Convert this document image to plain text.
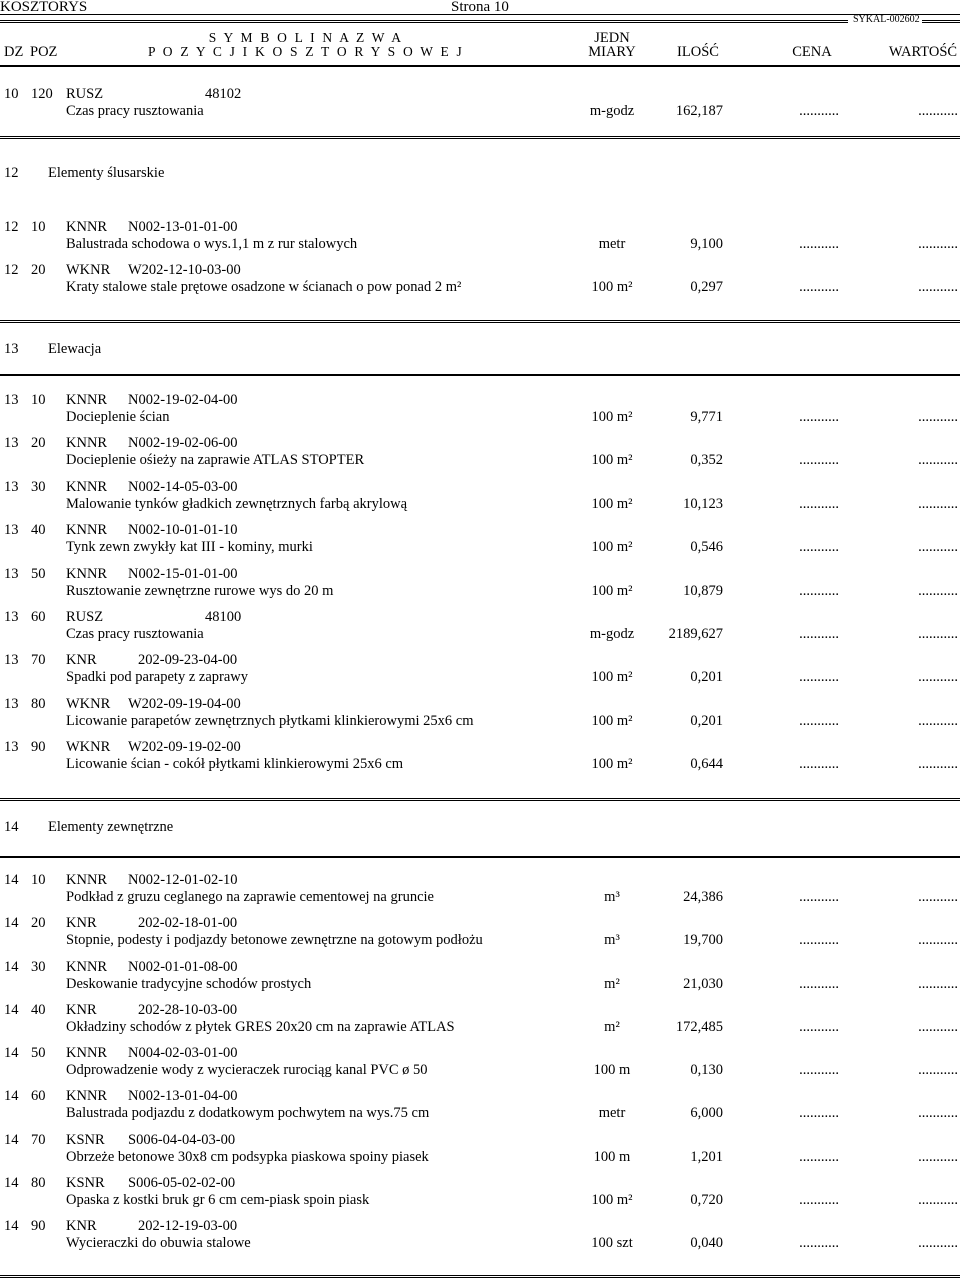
KOSZTORYS	Strona 10
SYKAL-002602
S Y M B O L I N A Z W A	JEDN
DZ POZ	P O Z Y C J I K O S Z T O R Y S O W E J	MIARY	ILOŚĆ	CENA	WARTOŚĆ
10 120 RUSZ	48102
Czas pracy rusztowania	m-godz	162,187	...........	...........
12 Elementy ślusarskie
12 10 KNNR N002-13-01-01-00
Balustrada schodowa o wys.1,1 m z rur stalowych	metr	9,100	...........	...........
12 20 WKNR W202-12-10-03-00
Kraty stalowe stale prętowe osadzone w ścianach o pow ponad 2 m²	100 m²	0,297	...........	...........
13 Elewacja
13 10 KNNR N002-19-02-04-00
Docieplenie ścian	100 m²	9,771	...........	...........
13 20 KNNR N002-19-02-06-00
Docieplenie ośieży na zaprawie ATLAS STOPTER	100 m²	0,352	...........	...........
13 30 KNNR N002-14-05-03-00
Malowanie tynków gładkich zewnętrznych farbą akrylową	100 m²	10,123	...........	...........
13 40 KNNR N002-10-01-01-10
Tynk zewn zwykły kat III - kominy, murki	100 m²	0,546	...........	...........
13 50 KNNR N002-15-01-01-00
Rusztowanie zewnętrzne rurowe wys do 20 m	100 m²	10,879	...........	...........
13 60 RUSZ	48100
Czas pracy rusztowania	m-godz 2189,627	...........	...........
13 70 KNR	202-09-23-04-00
Spadki pod parapety z zaprawy	100 m²	0,201	...........	...........
13 80 WKNR W202-09-19-04-00
Licowanie parapetów zewnętrznych płytkami klinkierowymi 25x6 cm	100 m²	0,201	...........	...........
13 90 WKNR W202-09-19-02-00
Licowanie ścian - cokół płytkami klinkierowymi 25x6 cm	100 m²	0,644	...........	...........
14 Elementy zewnętrzne
14 10 KNNR N002-12-01-02-10
Podkład z gruzu ceglanego na zaprawie cementowej na gruncie	m³	24,386	...........	...........
14 20 KNR	202-02-18-01-00
Stopnie, podesty i podjazdy betonowe zewnętrzne na gotowym podłożu	m³	19,700	...........	...........
14 30 KNNR N002-01-01-08-00
Deskowanie tradycyjne schodów prostych	m²	21,030	...........	...........
14 40 KNR	202-28-10-03-00
Okładziny schodów z płytek GRES 20x20 cm na zaprawie ATLAS	m²	172,485	...........	...........
14 50 KNNR N004-02-03-01-00
Odprowadzenie wody z wycieraczek rurociąg kanal PVC ø 50	100 m	0,130	...........	...........
14 60 KNNR N002-13-01-04-00
Balustrada podjazdu z dodatkowym pochwytem na wys.75 cm	metr	6,000	...........	...........
14 70 KSNR S006-04-04-03-00
Obrzeże betonowe 30x8 cm podsypka piaskowa spoiny piasek	100 m	1,201	...........	...........
14 80 KSNR S006-05-02-02-00
Opaska z kostki bruk gr 6 cm cem-piask spoin piask	100 m²	0,720	...........	...........
14 90 KNR	202-12-19-03-00
Wycieraczki do obuwia stalowe	100 szt	0,040	...........	...........
